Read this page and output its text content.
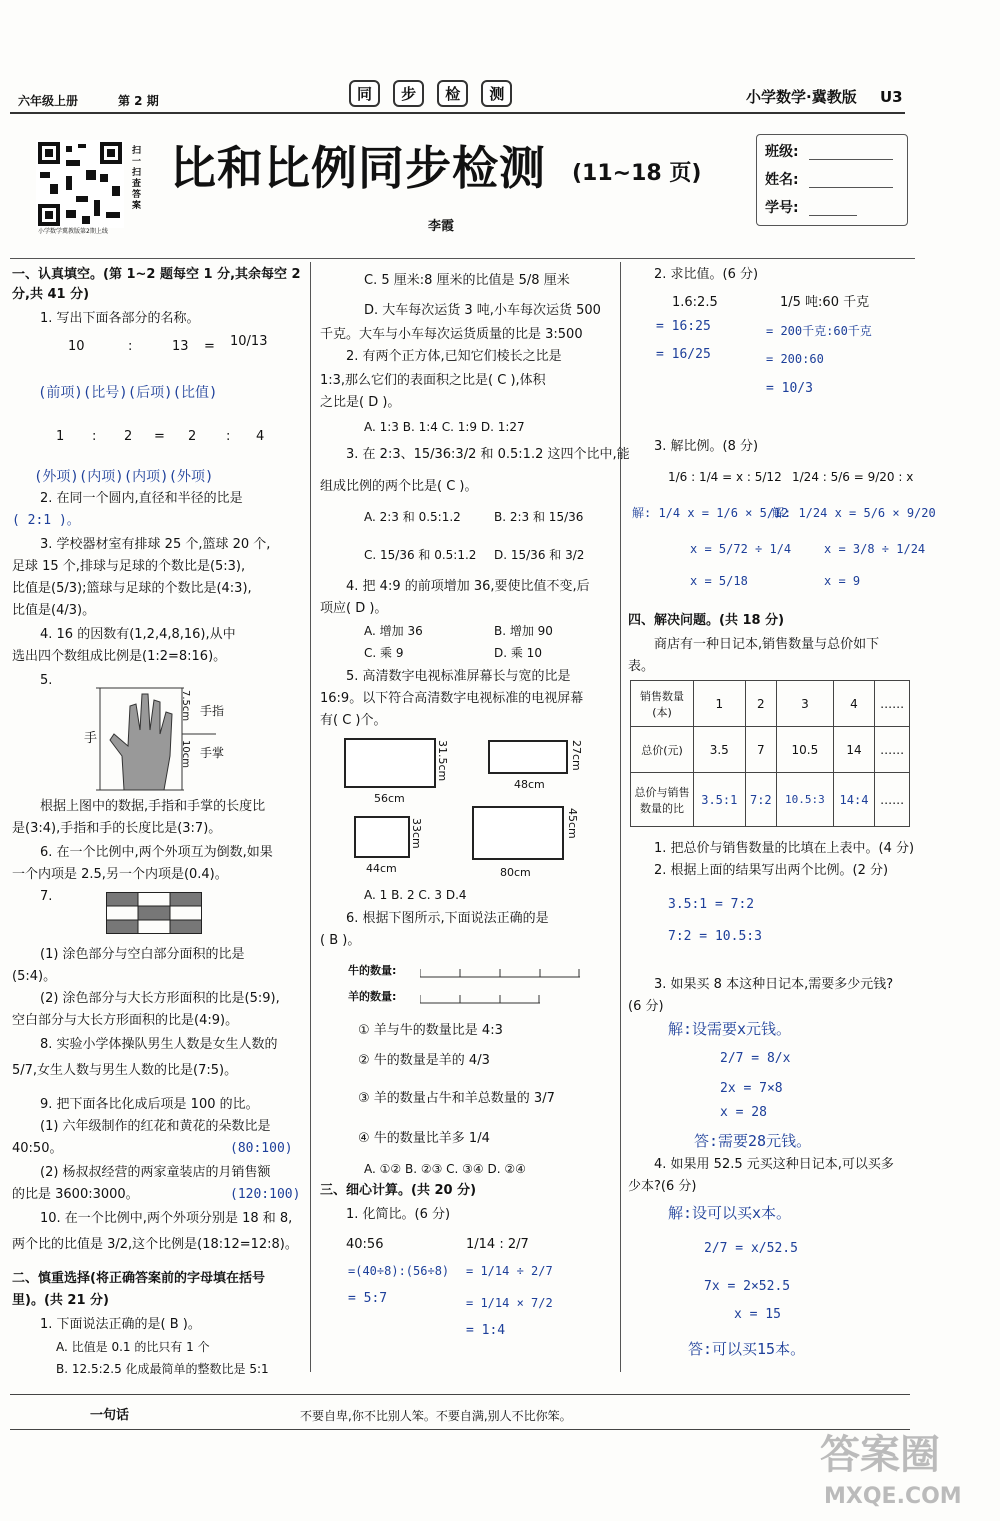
六年级上册	第 2 期	同 步 检 测	小学数学·冀教版 U3
扫一扫 查答案
小学数学冀教版第2期上线
比和比例同步检测 (11~18 页)
李霞
班级:
姓名:
学号:
一、认真填空。(第 1~2 题每空 1 分,其余每空 2
分,共 41 分)
1. 写出下面各部分的名称。
10	:	13 = 10/13
(前项)(比号)(后项)(比值)
1 : 2 = 2 : 4
(外项)(内项)(内项)(外项)
2. 在同一个圆内,直径和半径的比是
( 2:1 )。
3. 学校器材室有排球 25 个,篮球 20 个,
足球 15 个,排球与足球的个数比是(5:3),
比值是(5/3);篮球与足球的个数比是(4:3),
比值是(4/3)。
4. 16 的因数有(1,2,4,8,16),从中
选出四个数组成比例是(1:2=8:16)。
5.
手
7.5cm
10cm
手指
手掌
根据上图中的数据,手指和手掌的长度比
是(3:4),手指和手的长度比是(3:7)。
6. 在一个比例中,两个外项互为倒数,如果
一个内项是 2.5,另一个内项是(0.4)。
7.
(1) 涂色部分与空白部分面积的比是
(5:4)。
(2) 涂色部分与大长方形面积的比是(5:9),
空白部分与大长方形面积的比是(4:9)。
8. 实验小学体操队男生人数是女生人数的
5/7,女生人数与男生人数的比是(7:5)。
9. 把下面各比化成后项是 100 的比。
(1) 六年级制作的红花和黄花的朵数比是
40:50。	(80:100)
(2) 杨叔叔经营的两家童装店的月销售额
的比是 3600:3000。	(120:100)
10. 在一个比例中,两个外项分别是 18 和 8,
两个比的比值是 3/2,这个比例是(18:12=12:8)。
二、慎重选择(将正确答案前的字母填在括号
里)。(共 21 分)
1. 下面说法正确的是( B )。
A. 比值是 0.1 的比只有 1 个
B. 12.5:2.5 化成最简单的整数比是 5:1
C. 5 厘米:8 厘米的比值是 5/8 厘米
D. 大车每次运货 3 吨,小车每次运货 500
千克。大车与小车每次运货质量的比是 3:500
2. 有两个正方体,已知它们棱长之比是
1:3,那么它们的表面积之比是( C ),体积
之比是( D )。
A. 1:3 B. 1:4 C. 1:9 D. 1:27
3. 在 2:3、15/36:3/2 和 0.5:1.2 这四个比中,能
组成比例的两个比是( C )。
A. 2:3 和 0.5:1.2	B. 2:3 和 15/36
C. 15/36 和 0.5:1.2 D. 15/36 和 3/2
4. 把 4:9 的前项增加 36,要使比值不变,后
项应( D )。
A. 增加 36	B. 增加 90
C. 乘 9	D. 乘 10
5. 高清数字电视标准屏幕长与宽的比是
16:9。以下符合高清数字电视标准的电视屏幕
有( C )个。
31.5cm
56cm
27cm
48cm
33cm
44cm
45cm
80cm
A. 1 B. 2 C. 3 D.4
6. 根据下图所示,下面说法正确的是
( B )。
牛的数量:
羊的数量:
① 羊与牛的数量比是 4:3
② 牛的数量是羊的 4/3
③ 羊的数量占牛和羊总数量的 3/7
④ 牛的数量比羊多 1/4
A. ①② B. ②③ C. ③④ D. ②④
三、细心计算。(共 20 分)
1. 化简比。(6 分)
40:56
=(40÷8):(56÷8)
= 5:7
1/14 : 2/7
= 1/14 ÷ 2/7
= 1/14 × 7/2
= 1:4
2. 求比值。(6 分)
1.6:2.5
= 16:25
= 16/25
1/5 吨:60 千克
= 200千克:60千克
= 200:60
= 10/3
3. 解比例。(8 分)
1/6 : 1/4 = x : 5/12 1/24 : 5/6 = 9/20 : x
解: 1/4 x = 1/6 × 5/12
x = 5/72 ÷ 1/4
x = 5/18
解: 1/24 x = 5/6 × 9/20
x = 3/8 ÷ 1/24
x = 9
四、解决问题。(共 18 分)
商店有一种日记本,销售数量与总价如下
表。
销售数量(本)	1	2	3	4	……
总价(元)	3.5	7	10.5	14	……
总价与销售数量的比	3.5:1	7:2	10.5:3	14:4	……
1. 把总价与销售数量的比填在上表中。(4 分)
2. 根据上面的结果写出两个比例。(2 分)
3.5:1 = 7:2
7:2 = 10.5:3
3. 如果买 8 本这种日记本,需要多少元钱?
(6 分)
解:设需要x元钱。
2/7 = 8/x
2x = 7×8
x = 28
答:需要28元钱。
4. 如果用 52.5 元买这种日记本,可以买多
少本?(6 分)
解:设可以买x本。
2/7 = x/52.5
7x = 2×52.5
x = 15
答:可以买15本。
一句话	不要自卑,你不比别人笨。不要自满,别人不比你笨。
答案圈
MXQE.COM
